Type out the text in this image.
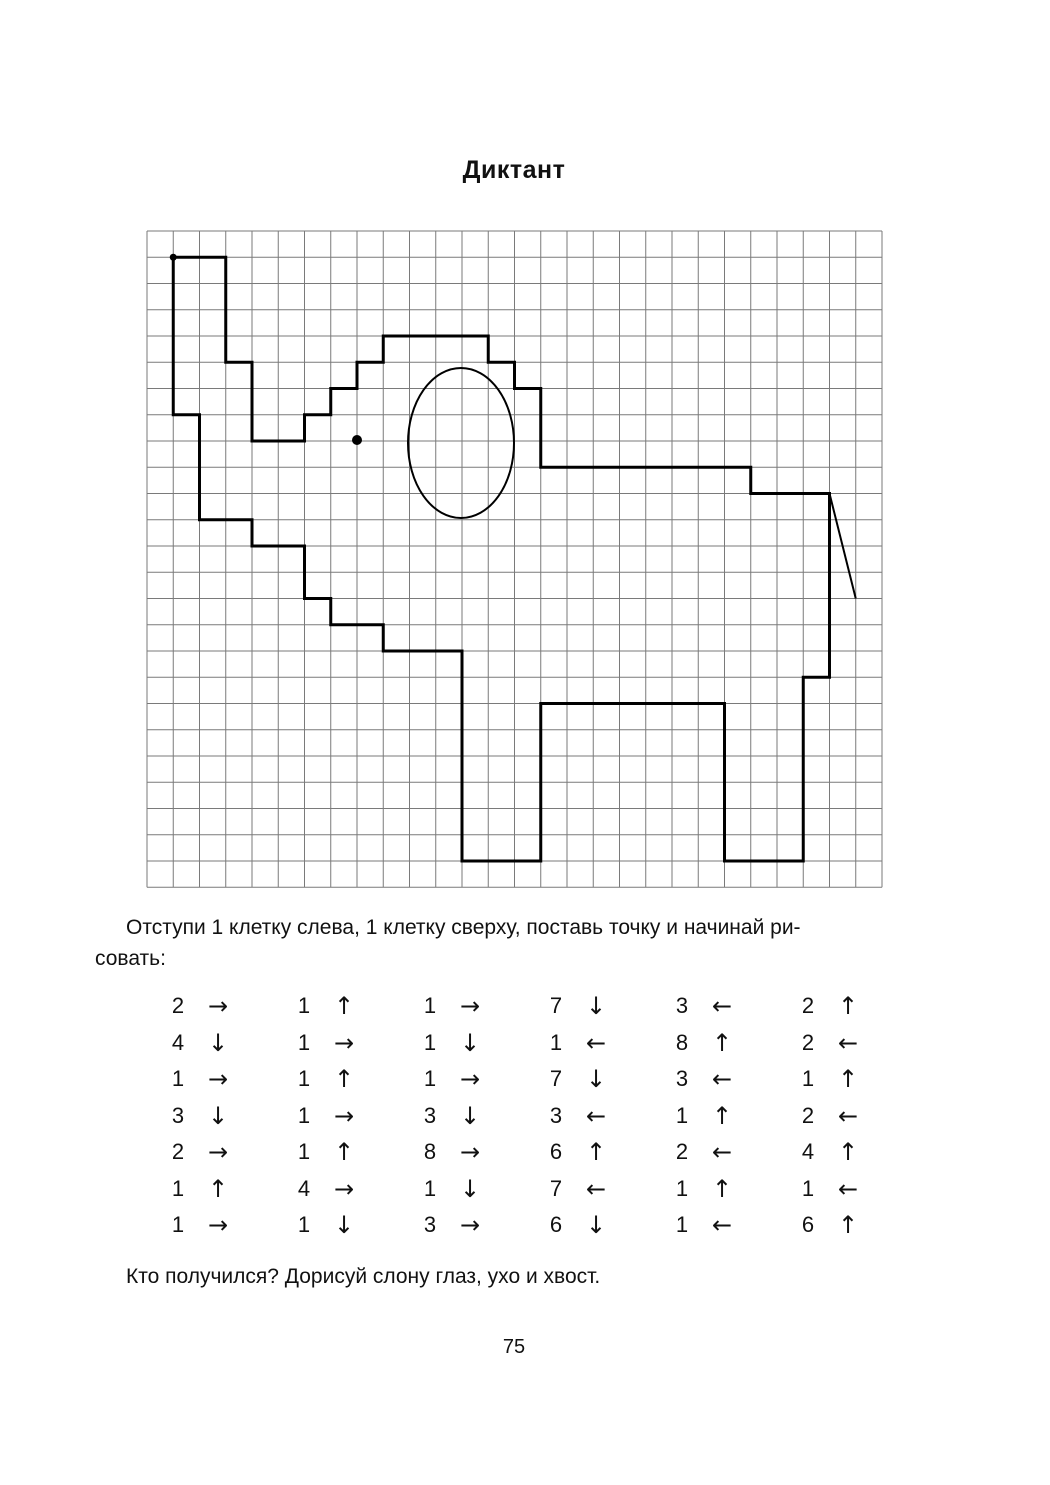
Диктант
Отступи 1 клетку слева, 1 клетку сверху, поставь точку и начинай ри-
совать:
2 →
4 ↓
1 →
3 ↓
2 →
1 ↑
1 →
1 ↑
1 →
1 ↑
1 →
1 ↑
4 →
1 ↓
1 →
1 ↓
1 →
3 ↓
8 →
1 ↓
3 →
7 ↓
1 ←
7 ↓
3 ←
6 ↑
7 ←
6 ↓
3 ←
8 ↑
3 ←
1 ↑
2 ←
1 ↑
1 ←
2 ↑
2 ←
1 ↑
2 ←
4 ↑
1 ←
6 ↑
Кто получился? Дорисуй слону глаз, ухо и хвост.
75
